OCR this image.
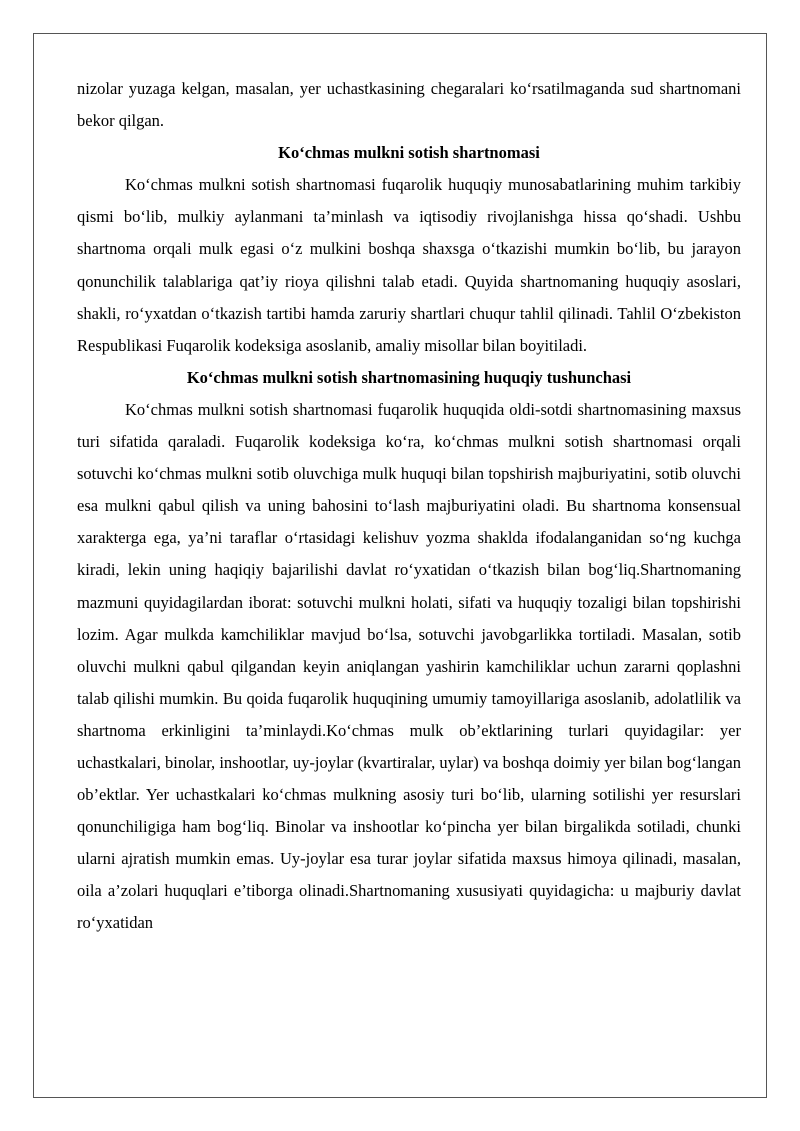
nizolar yuzaga kelgan, masalan, yer uchastkasining chegaralari ko‘rsatilmaganda sud shartnomani bekor qilgan.

Ko‘chmas mulkni sotish shartnomasi

Ko‘chmas mulkni sotish shartnomasi fuqarolik huquqiy munosabatlarining muhim tarkibiy qismi bo‘lib, mulkiy aylanmani ta’minlash va iqtisodiy rivojlanishga hissa qo‘shadi. Ushbu shartnoma orqali mulk egasi o‘z mulkini boshqa shaxsga o‘tkazishi mumkin bo‘lib, bu jarayon qonunchilik talablariga qat’iy rioya qilishni talab etadi. Quyida shartnomaning huquqiy asoslari, shakli, ro‘yxatdan o‘tkazish tartibi hamda zaruriy shartlari chuqur tahlil qilinadi. Tahlil O‘zbekiston Respublikasi Fuqarolik kodeksiga asoslanib, amaliy misollar bilan boyitiladi.

Ko‘chmas mulkni sotish shartnomasining huquqiy tushunchasi

Ko‘chmas mulkni sotish shartnomasi fuqarolik huquqida oldi-sotdi shartnomasining maxsus turi sifatida qaraladi. Fuqarolik kodeksiga ko‘ra, ko‘chmas mulkni sotish shartnomasi orqali sotuvchi ko‘chmas mulkni sotib oluvchiga mulk huquqi bilan topshirish majburiyatini, sotib oluvchi esa mulkni qabul qilish va uning bahosini to‘lash majburiyatini oladi. Bu shartnoma konsensual xarakterga ega, ya’ni taraflar o‘rtasidagi kelishuv yozma shaklda ifodalanganidan so‘ng kuchga kiradi, lekin uning haqiqiy bajarilishi davlat ro‘yxatidan o‘tkazish bilan bog‘liq.Shartnomaning mazmuni quyidagilardan iborat: sotuvchi mulkni holati, sifati va huquqiy tozaligi bilan topshirishi lozim. Agar mulkda kamchiliklar mavjud bo‘lsa, sotuvchi javobgarlikka tortiladi. Masalan, sotib oluvchi mulkni qabul qilgandan keyin aniqlangan yashirin kamchiliklar uchun zararni qoplashni talab qilishi mumkin. Bu qoida fuqarolik huquqining umumiy tamoyillariga asoslanib, adolatlilik va shartnoma erkinligini ta’minlaydi.Ko‘chmas mulk ob’ektlarining turlari quyidagilar: yer uchastkalari, binolar, inshootlar, uy-joylar (kvartiralar, uylar) va boshqa doimiy yer bilan bog‘langan ob’ektlar. Yer uchastkalari ko‘chmas mulkning asosiy turi bo‘lib, ularning sotilishi yer resurslari qonunchiligiga ham bog‘liq. Binolar va inshootlar ko‘pincha yer bilan birgalikda sotiladi, chunki ularni ajratish mumkin emas. Uy-joylar esa turar joylar sifatida maxsus himoya qilinadi, masalan, oila a’zolari huquqlari e’tiborga olinadi.Shartnomaning xususiyati quyidagicha: u majburiy davlat ro‘yxatidan
